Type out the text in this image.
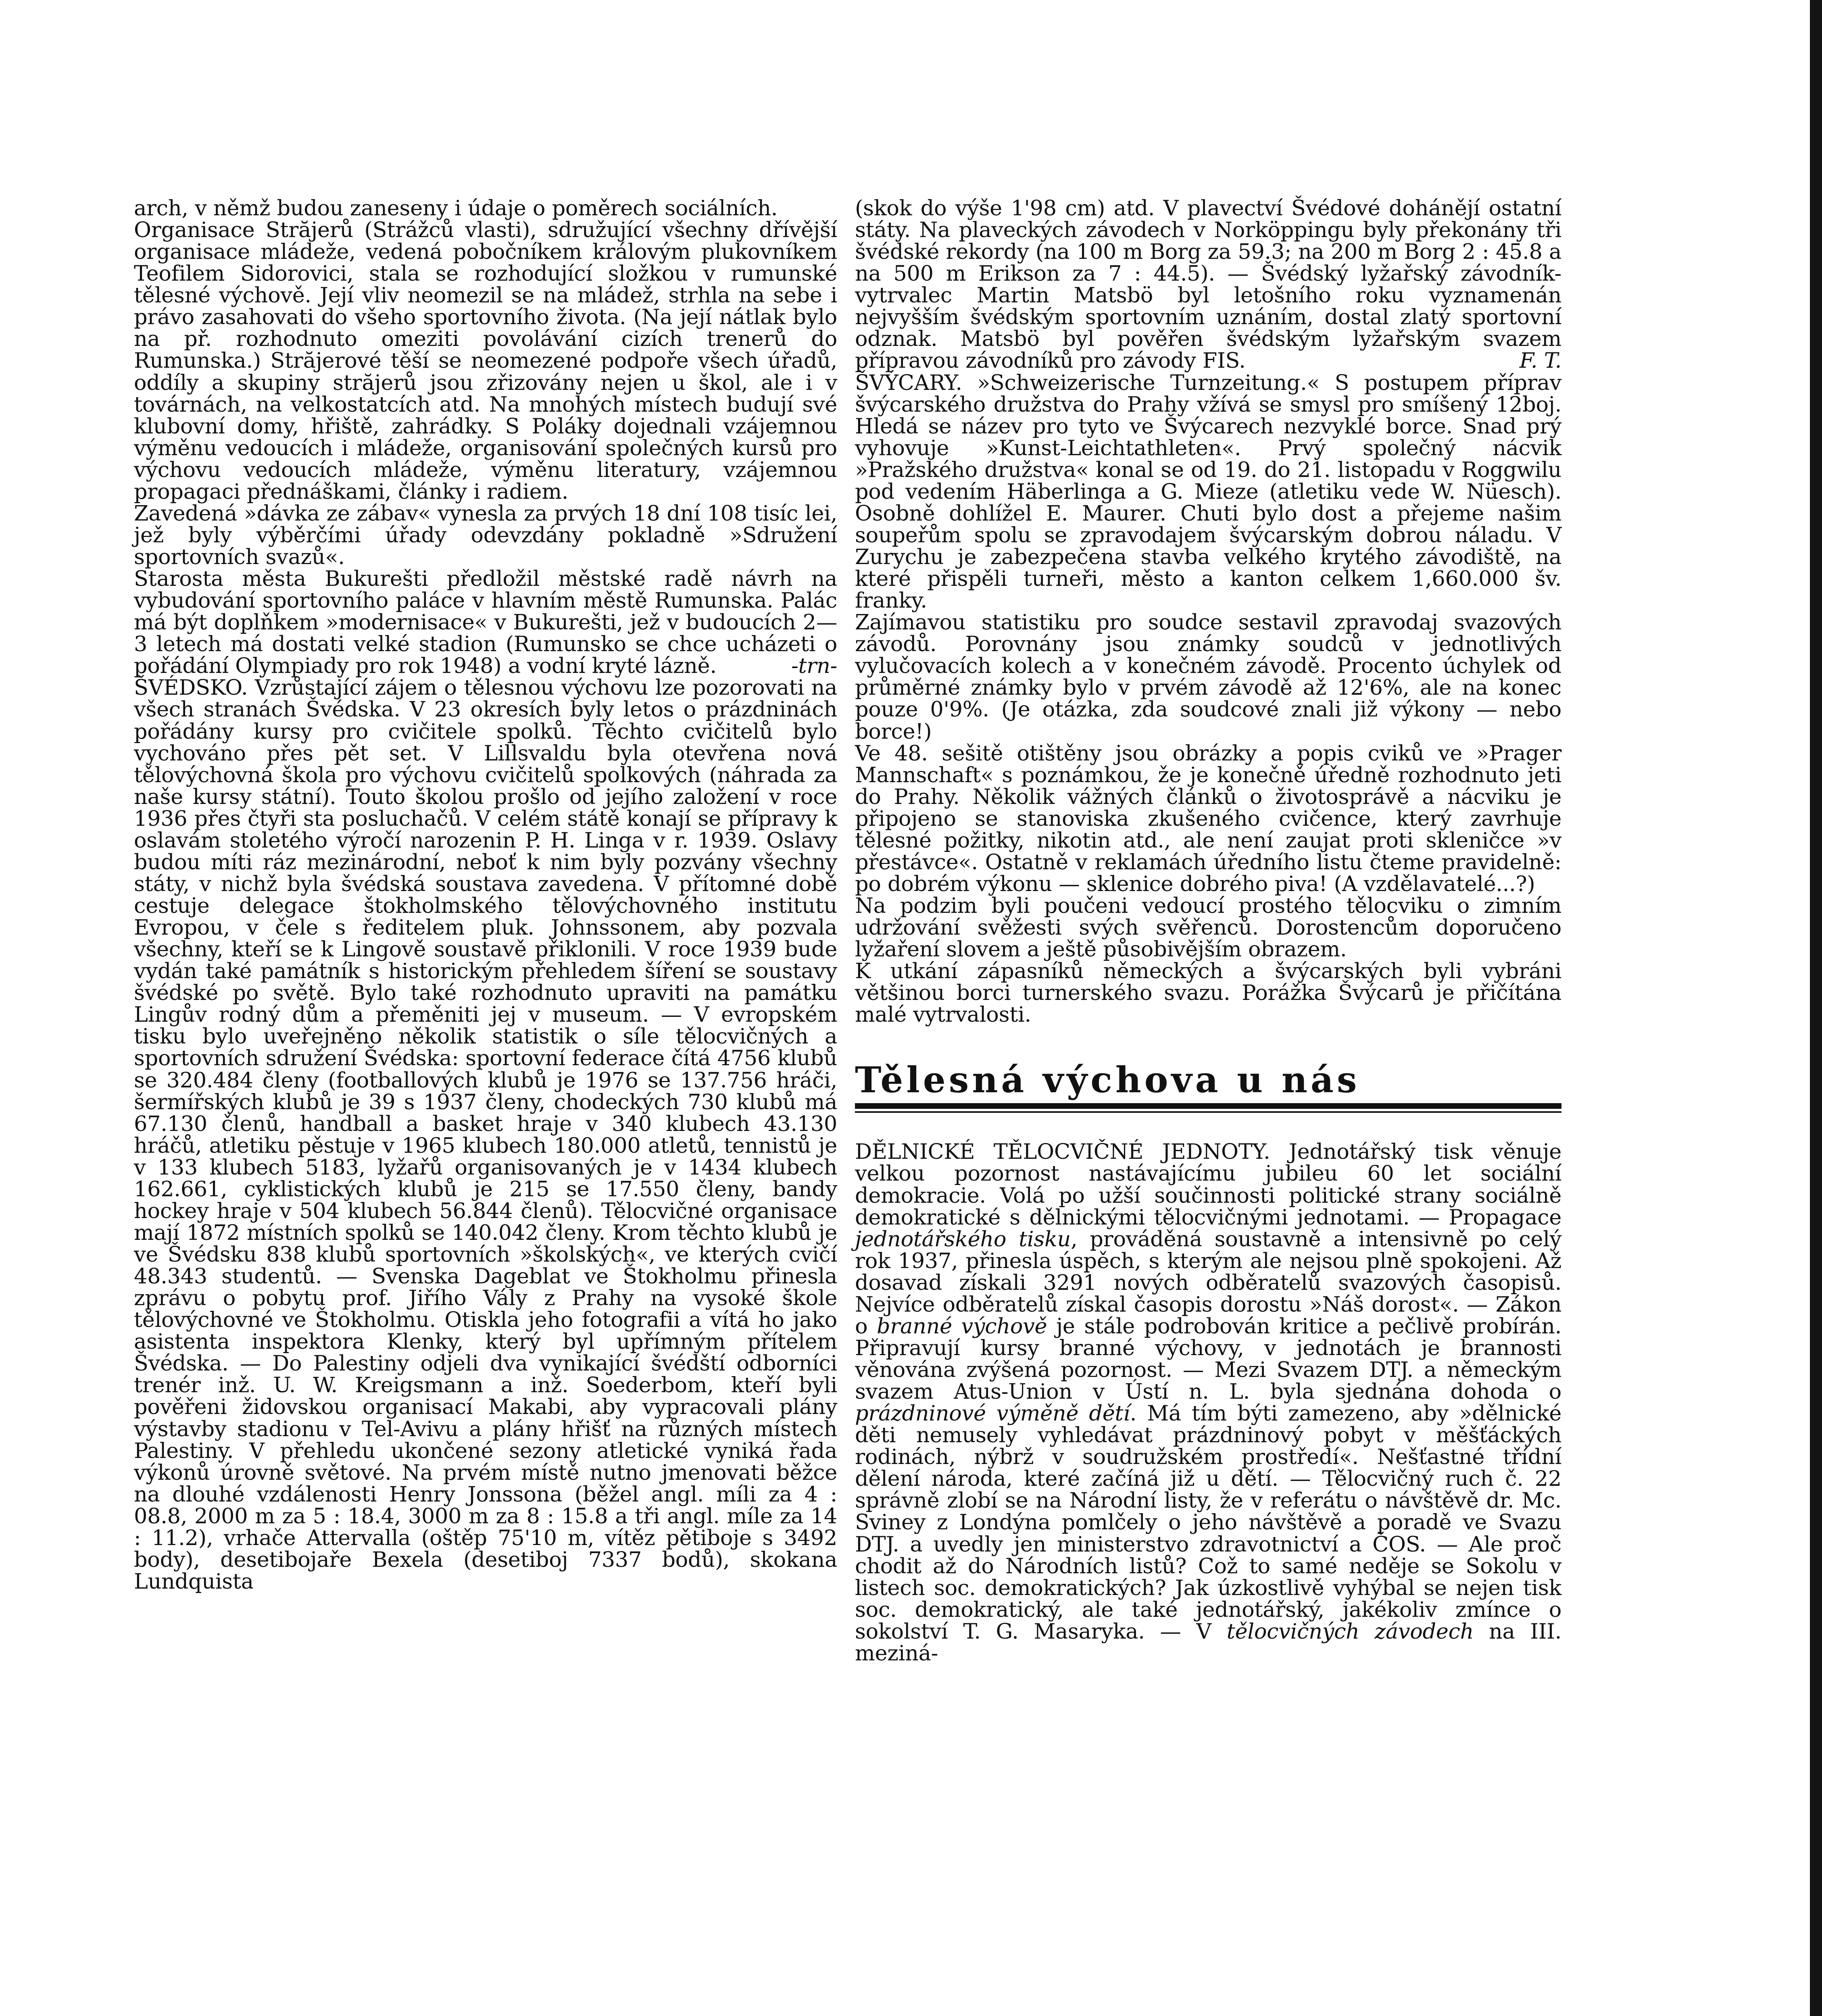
arch, v němž budou zaneseny i údaje o poměrech sociálních.

Organisace Străjerů (Strážců vlasti), sdružující všechny dřívější organisace mládeže, vedená pobočníkem královým plukovníkem Teofilem Sidorovici, stala se rozhodující složkou v rumunské tělesné výchově. Její vliv neomezil se na mládež, strhla na sebe i právo zasahovati do všeho sportovního života. (Na její nátlak bylo na př. rozhodnuto omeziti povolávání cizích trenerů do Rumunska.) Străjerové těší se neomezené podpoře všech úřadů, oddíly a skupiny străjerů jsou zřizovány nejen u škol, ale i v továrnách, na velkostatcích atd. Na mnohých místech budují své klubovní domy, hřiště, zahrádky. S Poláky dojednali vzájemnou výměnu vedoucích i mládeže, organisování společných kursů pro výchovu vedoucích mládeže, výměnu literatury, vzájemnou propagaci přednáškami, články i radiem.

Zavedená »dávka ze zábav« vynesla za prvých 18 dní 108 tisíc lei, jež byly výběrčími úřady odevzdány pokladně »Sdružení sportovních svazů«.

Starosta města Bukurešti předložil městské radě návrh na vybudování sportovního paláce v hlavním městě Rumunska. Palác má být doplňkem »modernisace« v Bukurešti, jež v budoucích 2—3 letech má dostati velké stadion (Rumunsko se chce ucházeti o pořádání Olympiady pro rok 1948) a vodní kryté lázně.	-trn-

ŠVÉDSKO. Vzrůstající zájem o tělesnou výchovu lze pozorovati na všech stranách Švédska. V 23 okresích byly letos o prázdninách pořádány kursy pro cvičitele spolků. Těchto cvičitelů bylo vychováno přes pět set. V Lillsvaldu byla otevřena nová tělovýchovná škola pro výchovu cvičitelů spolkových (náhrada za naše kursy státní). Touto školou prošlo od jejího založení v roce 1936 přes čtyři sta posluchačů. V celém státě konají se přípravy k oslavám stoletého výročí narozenin P. H. Linga v r. 1939. Oslavy budou míti ráz mezinárodní, neboť k nim byly pozvány všechny státy, v nichž byla švédská soustava zavedena. V přítomné době cestuje delegace štokholmského tělovýchovného institutu Evropou, v čele s ředitelem pluk. Johnssonem, aby pozvala všechny, kteří se k Lingově soustavě přiklonili. V roce 1939 bude vydán také památník s historickým přehledem šíření se soustavy švédské po světě. Bylo také rozhodnuto upraviti na památku Lingův rodný dům a přeměniti jej v museum. — V evropském tisku bylo uveřejněno několik statistik o síle tělocvičných a sportovních sdružení Švédska: sportovní federace čítá 4756 klubů se 320.484 členy (footballových klubů je 1976 se 137.756 hráči, šermířských klubů je 39 s 1937 členy, chodeckých 730 klubů má 67.130 členů, handball a basket hraje v 340 klubech 43.130 hráčů, atletiku pěstuje v 1965 klubech 180.000 atletů, tennistů je v 133 klubech 5183, lyžařů organisovaných je v 1434 klubech 162.661, cyklistických klubů je 215 se 17.550 členy, bandy hockey hraje v 504 klubech 56.844 členů). Tělocvičné organisace mají 1872 místních spolků se 140.042 členy. Krom těchto klubů je ve Švédsku 838 klubů sportovních »školských«, ve kterých cvičí 48.343 studentů. — Svenska Dageblat ve Štokholmu přinesla zprávu o pobytu prof. Jiřího Vály z Prahy na vysoké škole tělovýchovné ve Štokholmu. Otiskla jeho fotografii a vítá ho jako asistenta inspektora Klenky, který byl upřímným přítelem Švédska. — Do Palestiny odjeli dva vynikající švédští odborníci trenér inž. U. W. Kreigsmann a inž. Soederbom, kteří byli pověřeni židovskou organisací Makabi, aby vypracovali plány výstavby stadionu v Tel-Avivu a plány hřišť na různých místech Palestiny. V přehledu ukončené sezony atletické vyniká řada výkonů úrovně světové. Na prvém místě nutno jmenovati běžce na dlouhé vzdálenosti Henry Jonssona (běžel angl. míli za 4 : 08.8, 2000 m za 5 : 18.4, 3000 m za 8 : 15.8 a tři angl. míle za 14 : 11.2), vrhače Attervalla (oštěp 75'10 m, vítěz pětiboje s 3492 body), desetibojaře Bexela (desetiboj 7337 bodů), skokana Lundquista

(skok do výše 1'98 cm) atd. V plavectví Švédové dohánějí ostatní státy. Na plaveckých závodech v Norköppingu byly překonány tři švédské rekordy (na 100 m Borg za 59.3; na 200 m Borg 2 : 45.8 a na 500 m Erikson za 7 : 44.5). — Švédský lyžařský závodník-vytrvalec Martin Matsbö byl letošního roku vyznamenán nejvyšším švédským sportovním uznáním, dostal zlatý sportovní odznak. Matsbö byl pověřen švédským lyžařským svazem přípravou závodníků pro závody FIS.	F. T.

ŠVÝCARY. »Schweizerische Turnzeitung.« S postupem příprav švýcarského družstva do Prahy vžívá se smysl pro smíšený 12boj. Hledá se název pro tyto ve Švýcarech nezvyklé borce. Snad prý vyhovuje »Kunst-Leichtathleten«. Prvý společný nácvik »Pražského družstva« konal se od 19. do 21. listopadu v Roggwilu pod vedením Häberlinga a G. Mieze (atletiku vede W. Nüesch). Osobně dohlížel E. Maurer. Chuti bylo dost a přejeme našim soupeřům spolu se zpravodajem švýcarským dobrou náladu. V Zurychu je zabezpečena stavba velkého krytého závodiště, na které přispěli turneři, město a kanton celkem 1,660.000 šv. franky.

Zajímavou statistiku pro soudce sestavil zpravodaj svazových závodů. Porovnány jsou známky soudců v jednotlivých vylučovacích kolech a v konečném závodě. Procento úchylek od průměrné známky bylo v prvém závodě až 12'6%, ale na konec pouze 0'9%. (Je otázka, zda soudcové znali již výkony — nebo borce!)

Ve 48. sešitě otištěny jsou obrázky a popis cviků ve »Prager Mannschaft« s poznámkou, že je konečně úředně rozhodnuto jeti do Prahy. Několik vážných článků o životosprávě a nácviku je připojeno se stanoviska zkušeného cvičence, který zavrhuje tělesné požitky, nikotin atd., ale není zaujat proti skleničce »v přestávce«. Ostatně v reklamách úředního listu čteme pravidelně: po dobrém výkonu — sklenice dobrého piva! (A vzdělavatelé...?)

Na podzim byli poučeni vedoucí prostého tělocviku o zimním udržování svěžesti svých svěřenců. Dorostencům doporučeno lyžaření slovem a ještě působivějším obrazem.

K utkání zápasníků německých a švýcarských byli vybráni většinou borci turnerského svazu. Porážka Švýcarů je přičítána malé vytrvalosti.

Tělesná výchova u nás

DĚLNICKÉ TĚLOCVIČNÉ JEDNOTY. Jednotářský tisk věnuje velkou pozornost nastávajícímu jubileu 60 let sociální demokracie. Volá po užší součinnosti politické strany sociálně demokratické s dělnickými tělocvičnými jednotami. — Propagace jednotářského tisku, prováděná soustavně a intensivně po celý rok 1937, přinesla úspěch, s kterým ale nejsou plně spokojeni. Až dosavad získali 3291 nových odběratelů svazových časopisů. Nejvíce odběratelů získal časopis dorostu »Náš dorost«. — Zákon o branné výchově je stále podrobován kritice a pečlivě probírán. Připravují kursy branné výchovy, v jednotách je brannosti věnována zvýšená pozornost. — Mezi Svazem DTJ. a německým svazem Atus-Union v Ústí n. L. byla sjednána dohoda o prázdninové výměně dětí. Má tím býti zamezeno, aby »dělnické děti nemusely vyhledávat prázdninový pobyt v měšťáckých rodinách, nýbrž v soudružském prostředí«. Nešťastné třídní dělení národa, které začíná již u dětí. — Tělocvičný ruch č. 22 správně zlobí se na Národní listy, že v referátu o návštěvě dr. Mc. Sviney z Londýna pomlčely o jeho návštěvě a poradě ve Svazu DTJ. a uvedly jen ministerstvo zdravotnictví a ČOS. — Ale proč chodit až do Národních listů? Což to samé neděje se Sokolu v listech soc. demokratických? Jak úzkostlivě vyhýbal se nejen tisk soc. demokratický, ale také jednotářský, jakékoliv zmínce o sokolství T. G. Masaryka. — V tělocvičných závodech na III. meziná-
